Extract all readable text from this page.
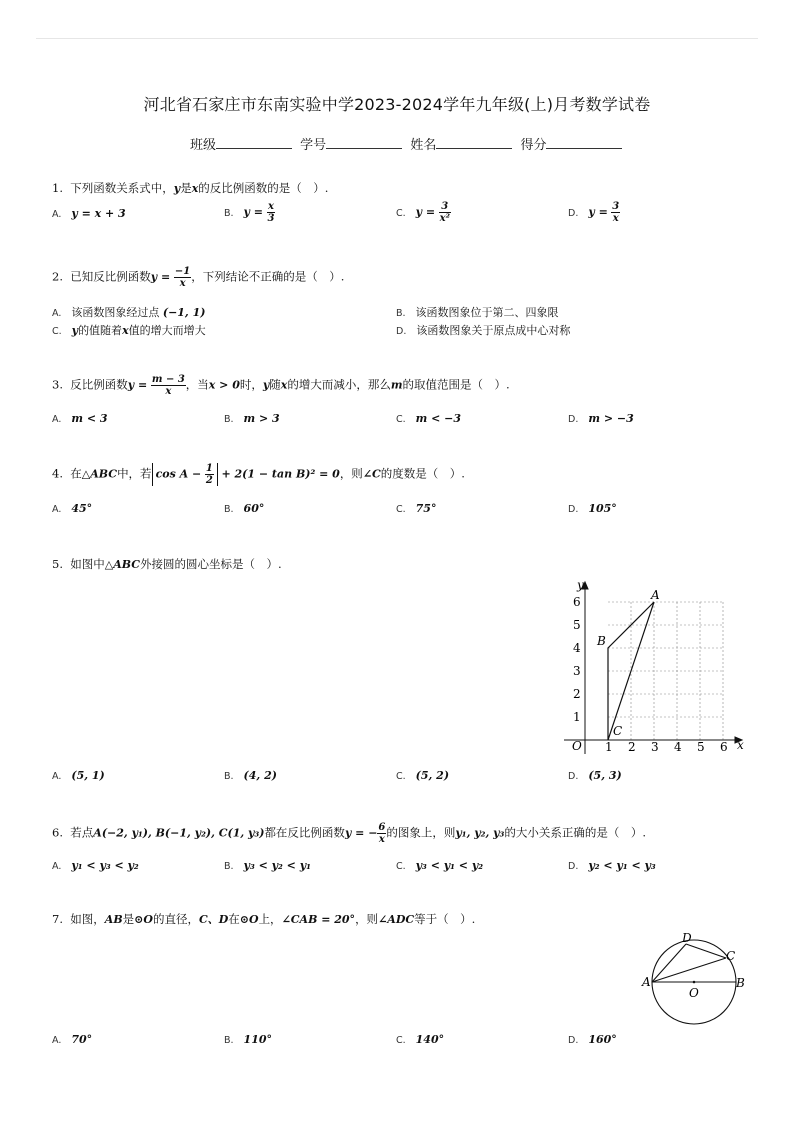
河北省石家庄市东南实验中学2023-2024学年九年级(上)月考数学试卷
班级	学号	姓名	得分
1. 下列函数关系式中，y是x的反比例函数的是（　）.
A. y = x + 3	B. $y = \frac{x}{3}$	C. $y = \frac{3}{\text{x²}}$	D. $y = \frac{3}{x}$
2. 已知反比例函数$y = \frac{-1}{x}$ ，下列结论不正确的是（　）.
A. 该函数图象经过点 (−1, 1)	B. 该函数图象位于第二、四象限
C. y的值随着x值的增大而增大	D. 该函数图象关于原点成中心对称
3. 反比例函数$y = \frac{m - 3}{x}$ ，当x > 0时，y随x的增大而减小，那么m的取值范围是（　）.
A. m < 3	B. m > 3	C. m < −3	D. m > −3
4. 在△ABC中，若 $\cos A - \frac{1}{2} + 2(1 - \tan B)^2 = 0$，则∠C的度数是（　）.
A. 45°	B. 60°	C. 75°	D. 105°
5. 如图中△ABC外接圆的圆心坐标是（　）.
x
y
O 1 2 3 4 5 6
1
2
3
4
5
6	A
B
C
A. (5, 1)	B. (4, 2)	C. (5, 2)	D. (5, 3)
6. 若点A(−2, y₁), B(−1, y₂), C(1, y₃)都在反比例函数y = − $\frac{6}{x}$ 的图象上，则y₁, y₂, y₃的大小关系正确的是（　）.
A. y₁ < y₃ < y₂	B. y₃ < y₂ < y₁	C. y₃ < y₁ < y₂	D. y₂ < y₁ < y₃
7. 如图，AB是⊙O的直径，C、D在⊙O上，∠CAB = 20°，则∠ADC等于（　）.
A	B
C
D
O
A. 70°	B. 110°	C. 140°	D. 160°
